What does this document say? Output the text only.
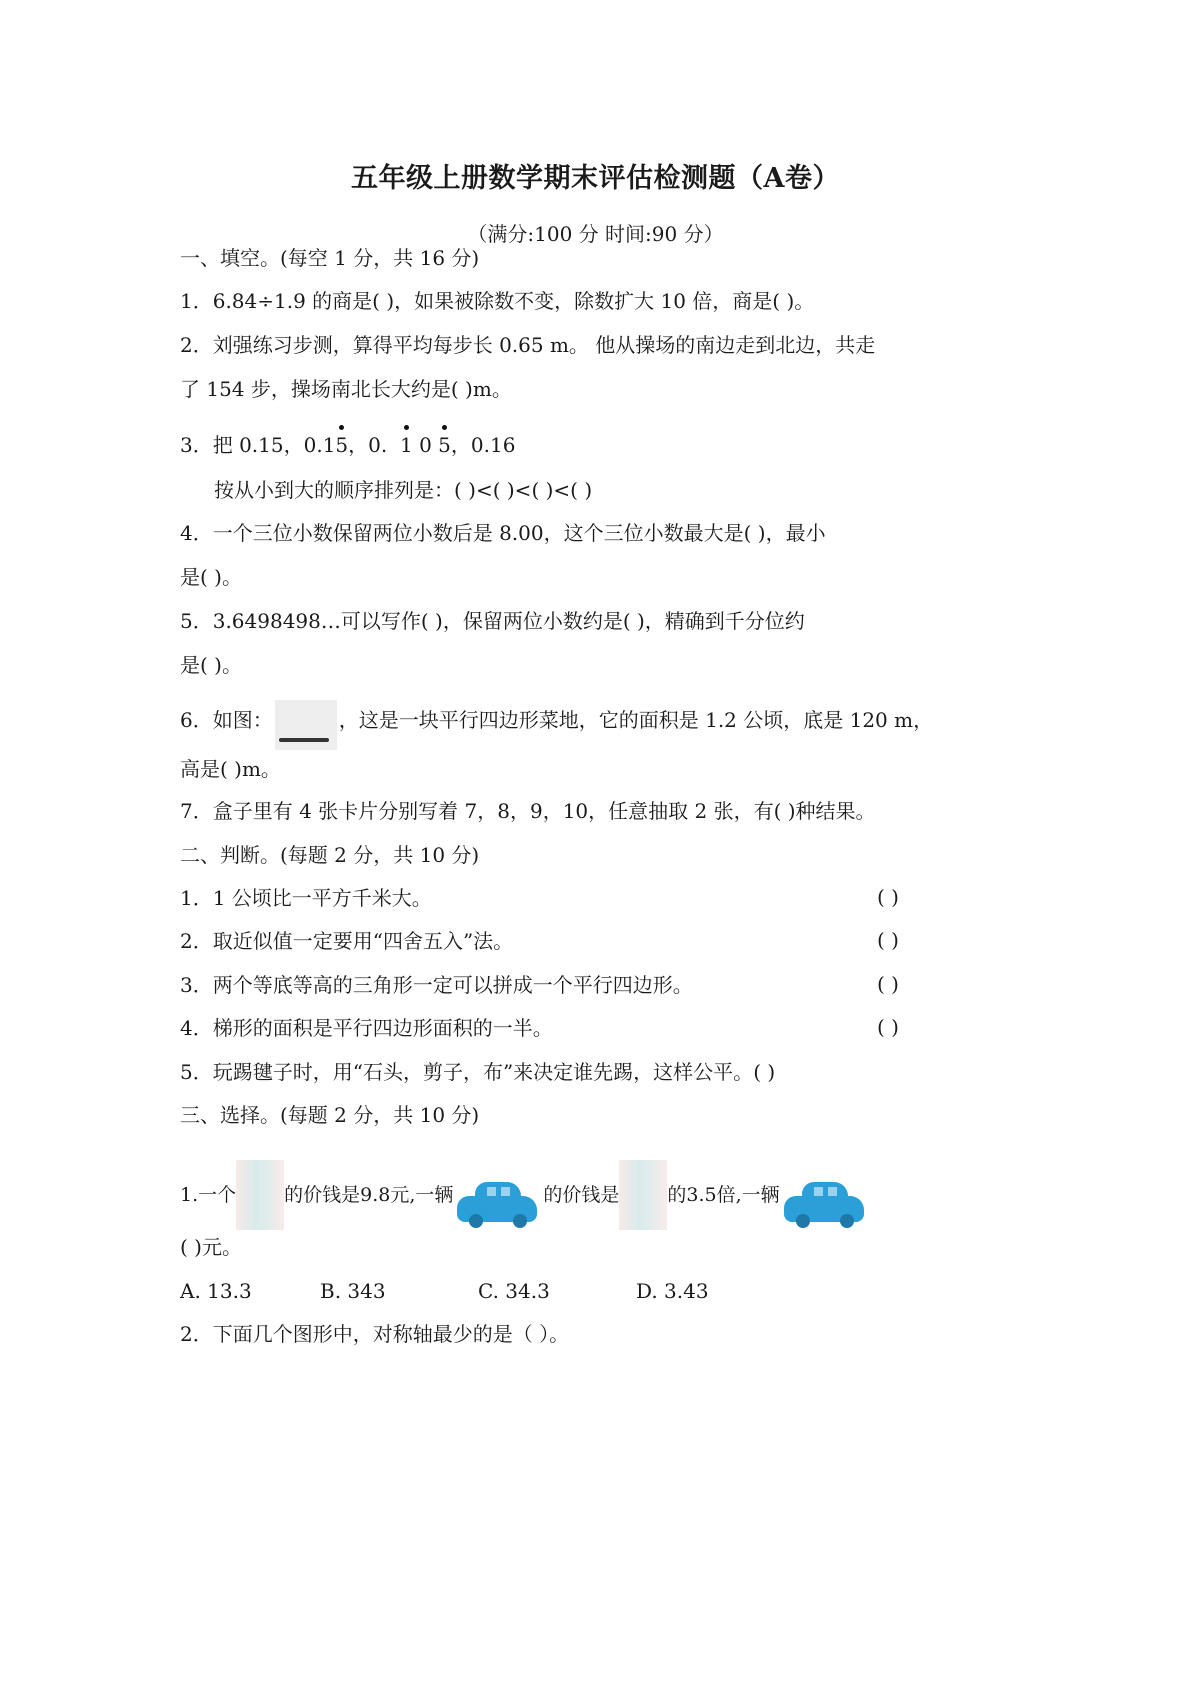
五年级上册数学期末评估检测题（A卷）
（满分:100 分 时间:90 分）
一、填空。(每空 1 分，共 16 分)
1．6.84÷1.9 的商是( )，如果被除数不变，除数扩大 10 倍，商是( )。
2．刘强练习步测，算得平均每步长 0.65 m。 他从操场的南边走到北边，共走
了 154 步，操场南北长大约是( )m。
3．把 0.15，0.15，0.  1 0 5，0.16
按从小到大的顺序排列是：( )<( )<( )<( )
4．一个三位小数保留两位小数后是 8.00，这个三位小数最大是( )，最小
是( )。
5．3.6498498…可以写作( )，保留两位小数约是( )，精确到千分位约
是( )。
6．如图：	，这是一块平行四边形菜地，它的面积是 1.2 公顷，底是 120 m，
高是( )m。
7．盒子里有 4 张卡片分别写着 7，8，9，10，任意抽取 2 张，有( )种结果。
二、判断。(每题 2 分，共 10 分)
1．1 公顷比一平方千米大。	( )
2．取近似值一定要用“四舍五入”法。	( )
3．两个等底等高的三角形一定可以拼成一个平行四边形。	( )
4．梯形的面积是平行四边形面积的一半。	( )
5．玩踢毽子时，用“石头，剪子，布”来决定谁先踢，这样公平。( )
三、选择。(每题 2 分，共 10 分)
1.一个	的价钱是9.8元,一辆	的价钱是	的3.5倍,一辆
( )元。
A. 13.3	B. 343	C. 34.3	D. 3.43
2．下面几个图形中，对称轴最少的是（ ）。
